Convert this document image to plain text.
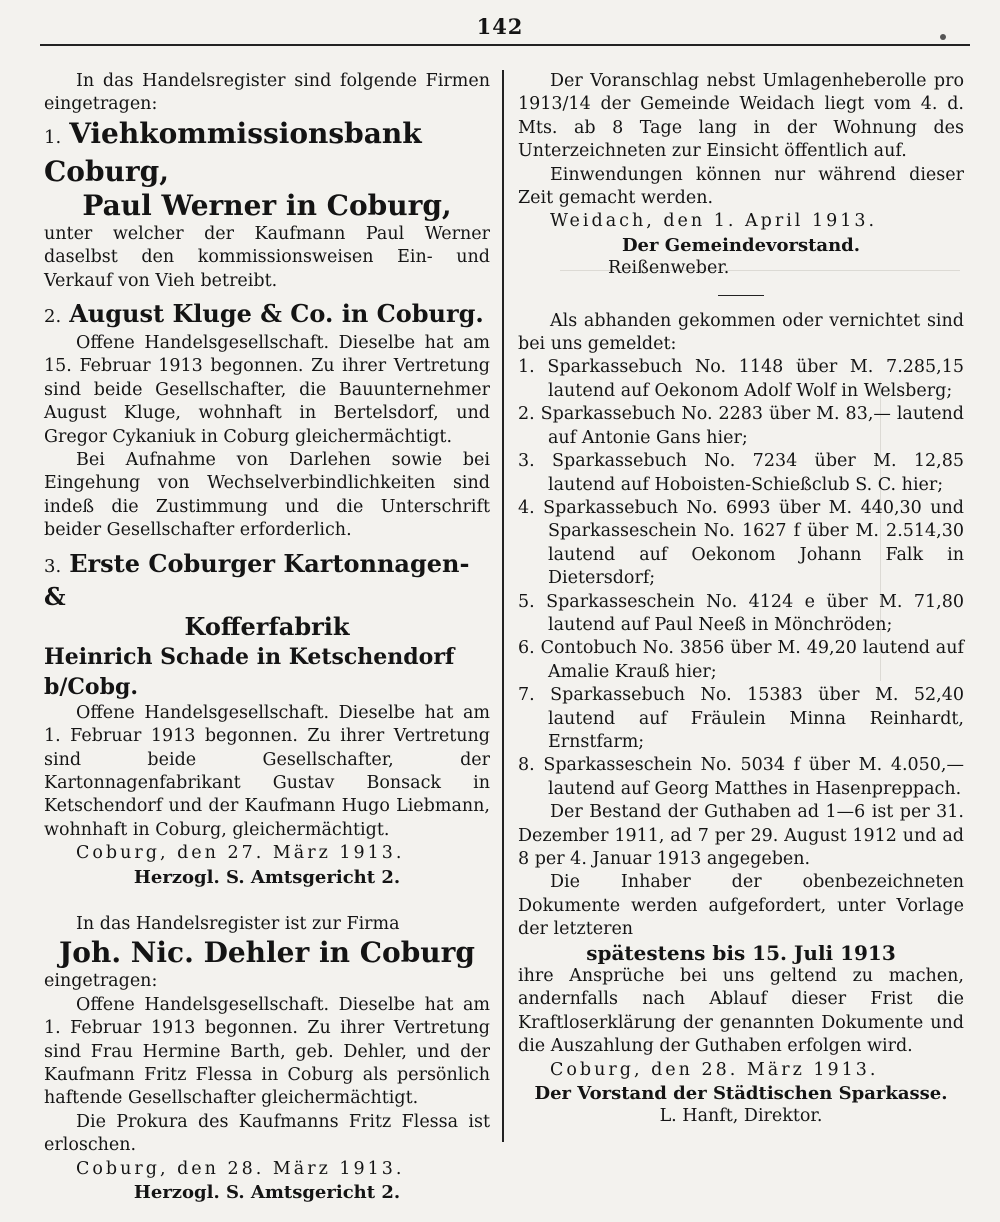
142

In das Handelsregister sind folgende Firmen eingetragen:

1. Viehkommissionsbank Coburg,
Paul Werner in Coburg,

unter welcher der Kaufmann Paul Werner daselbst den kommissionsweisen Ein- und Verkauf von Vieh betreibt.

2. August Kluge & Co. in Coburg.

Offene Handelsgesellschaft. Dieselbe hat am 15. Februar 1913 begonnen. Zu ihrer Vertretung sind beide Gesellschafter, die Bauunternehmer August Kluge, wohnhaft in Bertelsdorf, und Gregor Cykaniuk in Coburg gleichermächtigt.

Bei Aufnahme von Darlehen sowie bei Eingehung von Wechselverbindlichkeiten sind indeß die Zustimmung und die Unterschrift beider Gesellschafter erforderlich.

3. Erste Coburger Kartonnagen- &
Kofferfabrik
Heinrich Schade in Ketschendorf b/Cobg.

Offene Handelsgesellschaft. Dieselbe hat am 1. Februar 1913 begonnen. Zu ihrer Vertretung sind beide Gesellschafter, der Kartonnagenfabrikant Gustav Bonsack in Ketschendorf und der Kaufmann Hugo Liebmann, wohnhaft in Coburg, gleichermächtigt.

Coburg, den 27. März 1913.

Herzogl. S. Amtsgericht 2.

In das Handelsregister ist zur Firma

Joh. Nic. Dehler in Coburg

eingetragen:

Offene Handelsgesellschaft. Dieselbe hat am 1. Februar 1913 begonnen. Zu ihrer Vertretung sind Frau Hermine Barth, geb. Dehler, und der Kaufmann Fritz Flessa in Coburg als persönlich haftende Gesellschafter gleichermächtigt.

Die Prokura des Kaufmanns Fritz Flessa ist erloschen.

Coburg, den 28. März 1913.

Herzogl. S. Amtsgericht 2.

Der Voranschlag nebst Umlagenheberolle pro 1913/14 der Gemeinde Weidach liegt vom 4. d. Mts. ab 8 Tage lang in der Wohnung des Unterzeichneten zur Einsicht öffentlich auf.

Einwendungen können nur während dieser Zeit gemacht werden.

Weidach, den 1. April 1913.

Der Gemeindevorstand.

Reißenweber.

Als abhanden gekommen oder vernichtet sind bei uns gemeldet:

1. Sparkassebuch No. 1148 über M. 7.285,15 lautend auf Oekonom Adolf Wolf in Welsberg;
2. Sparkassebuch No. 2283 über M. 83,— lautend auf Antonie Gans hier;
3. Sparkassebuch No. 7234 über M. 12,85 lautend auf Hoboisten-Schießclub S. C. hier;
4. Sparkassebuch No. 6993 über M. 440,30 und Sparkasseschein No. 1627 f über M. 2.514,30 lautend auf Oekonom Johann Falk in Dietersdorf;
5. Sparkasseschein No. 4124 e über M. 71,80 lautend auf Paul Neeß in Mönchröden;
6. Contobuch No. 3856 über M. 49,20 lautend auf Amalie Krauß hier;
7. Sparkassebuch No. 15383 über M. 52,40 lautend auf Fräulein Minna Reinhardt, Ernstfarm;
8. Sparkasseschein No. 5034 f über M. 4.050,— lautend auf Georg Matthes in Hasenpreppach.

Der Bestand der Guthaben ad 1—6 ist per 31. Dezember 1911, ad 7 per 29. August 1912 und ad 8 per 4. Januar 1913 angegeben.

Die Inhaber der obenbezeichneten Dokumente werden aufgefordert, unter Vorlage der letzteren

spätestens bis 15. Juli 1913

ihre Ansprüche bei uns geltend zu machen, andernfalls nach Ablauf dieser Frist die Kraftloserklärung der genannten Dokumente und die Auszahlung der Guthaben erfolgen wird.

Coburg, den 28. März 1913.

Der Vorstand der Städtischen Sparkasse.

L. Hanft, Direktor.
